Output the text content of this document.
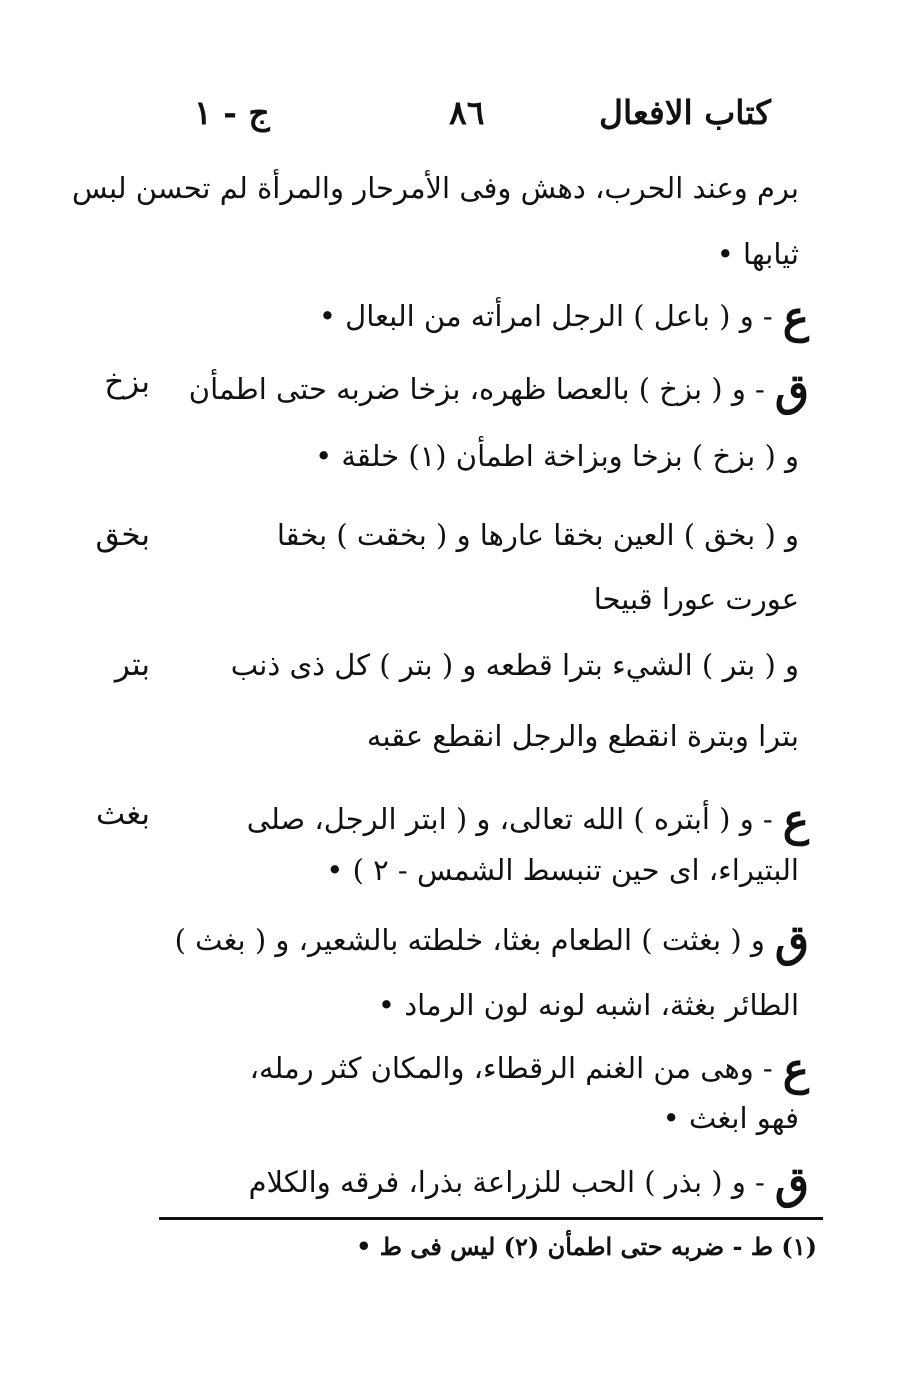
كتاب الافعال
٨٦
ج - ١
برم وعند الحرب، دهش وفى الأمرحار والمرأة لم تحسن لبس
ثيابها •
ع- و ( باعل ) الرجل امرأته من البعال •
ق- و ( بزخ ) بالعصا ظهره، بزخا ضربه حتى اطمأن
بزخ
و ( بزخ ) بزخا وبزاخة اطمأن (١) خلقة •
و ( بخق ) العين بخقا عارها و ( بخقت ) بخقا
بخق
عورت عورا قبيحا
و ( بتر ) الشيء بترا قطعه و ( بتر ) كل ذى ذنب
بتر
بترا وبترة انقطع والرجل انقطع عقبه
ع- و ( أبتره ) الله تعالى، و ( ابتر الرجل، صلى
بغث
البتيراء، اى حين تنبسط الشمس - ٢ ) •
قو ( بغثت ) الطعام بغثا، خلطته بالشعير، و ( بغث )
الطائر بغثة، اشبه لونه لون الرماد •
ع- وهى من الغنم الرقطاء، والمكان كثر رمله،
فهو ابغث •
ق- و ( بذر ) الحب للزراعة بذرا، فرقه والكلام
(١) ط - ضربه حتى اطمأن (٢) ليس فى ط •
